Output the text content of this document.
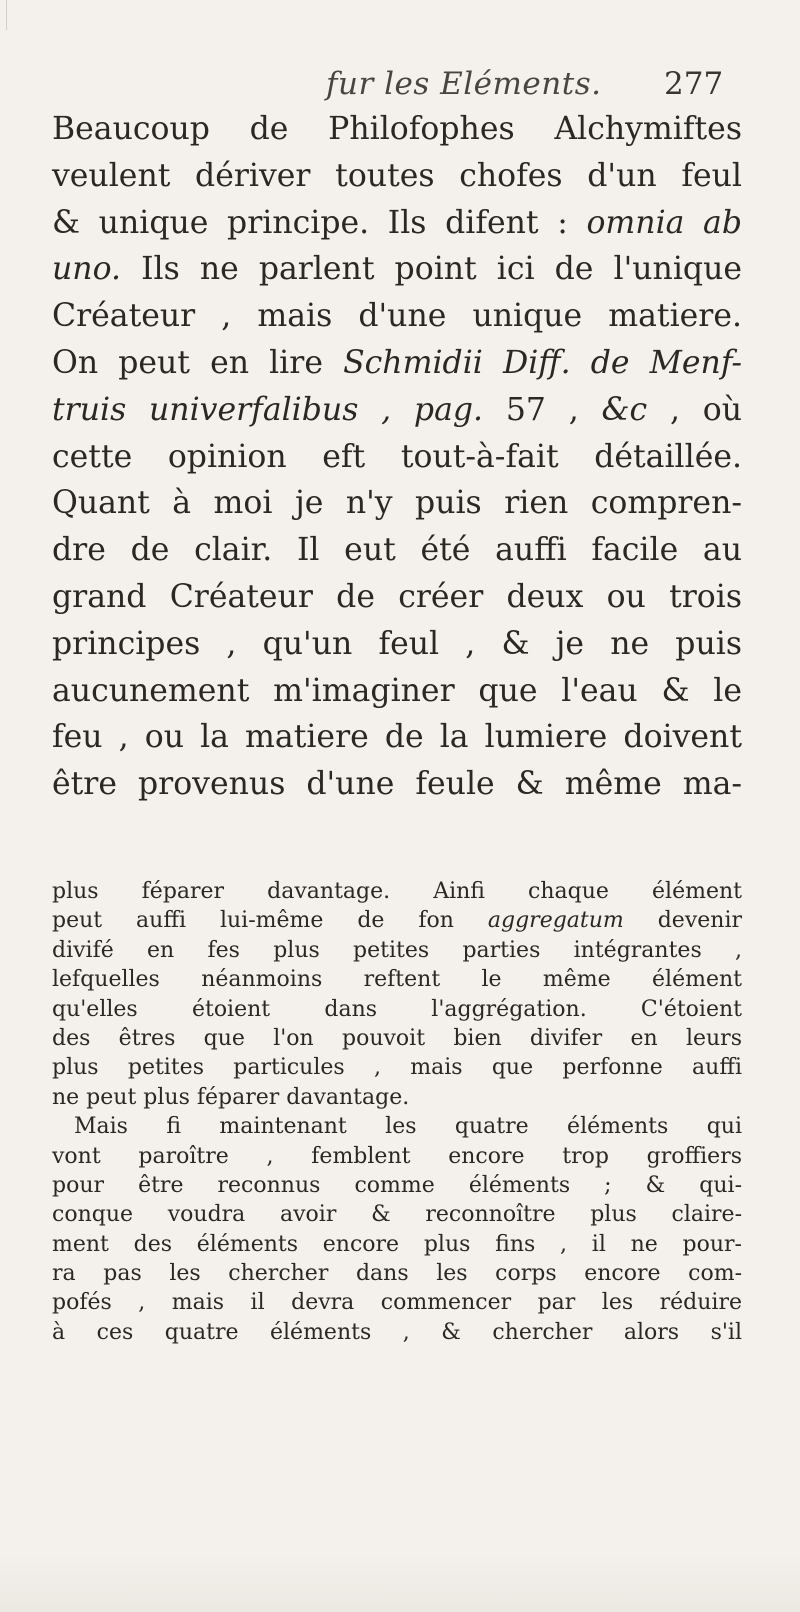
fur les Eléments. 277
Beaucoup de Philofophes Alchymiftes
veulent dériver toutes chofes d'un feul
& unique principe. Ils difent : omnia ab
uno. Ils ne parlent point ici de l'unique
Créateur , mais d'une unique matiere.
On peut en lire Schmidii Diff. de Menf-
truis univerfalibus , pag. 57 , &c , où
cette opinion eft tout-à-fait détaillée.
Quant à moi je n'y puis rien compren-
dre de clair. Il eut été auffi facile au
grand Créateur de créer deux ou trois
principes , qu'un feul , & je ne puis
aucunement m'imaginer que l'eau & le
feu , ou la matiere de la lumiere doivent
être provenus d'une feule & même ma-
plus féparer davantage. Ainfi chaque élément
peut auffi lui-même de fon aggregatum devenir
divifé en fes plus petites parties intégrantes ,
lefquelles néanmoins reftent le même élément
qu'elles étoient dans l'aggrégation. C'étoient
des êtres que l'on pouvoit bien divifer en leurs
plus petites particules , mais que perfonne auffi
ne peut plus féparer davantage.
Mais fi maintenant les quatre éléments qui
vont paroître , femblent encore trop groffiers
pour être reconnus comme éléments ; & qui-
conque voudra avoir & reconnoître plus claire-
ment des éléments encore plus fins , il ne pour-
ra pas les chercher dans les corps encore com-
pofés , mais il devra commencer par les réduire
à ces quatre éléments , & chercher alors s'il
